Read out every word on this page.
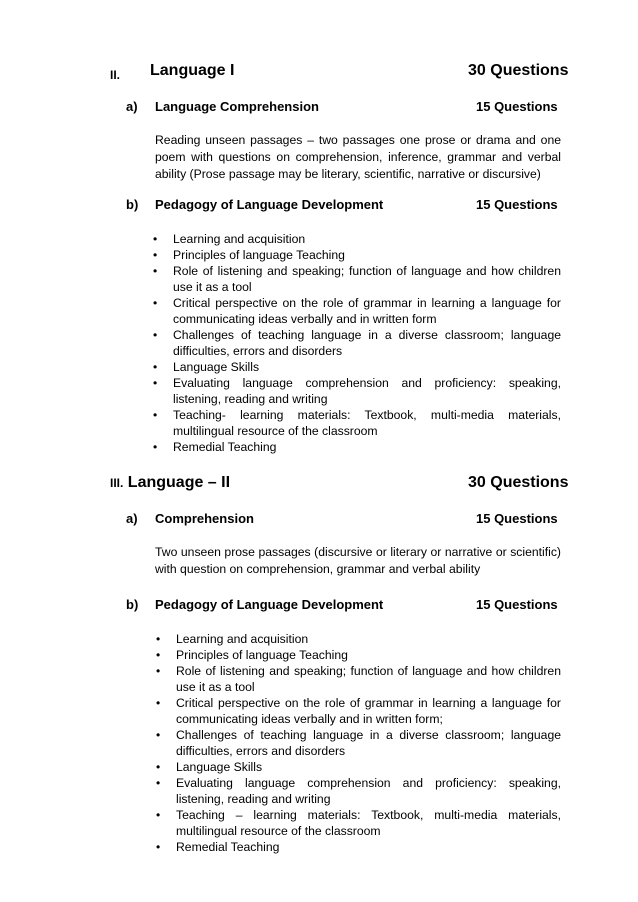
II. Language I	30 Questions
a) Language Comprehension	15 Questions
Reading unseen passages – two passages one prose or drama and one poem with questions on comprehension, inference, grammar and verbal ability (Prose passage may be literary, scientific, narrative or discursive)
b) Pedagogy of Language Development	15 Questions
• Learning and acquisition
• Principles of language Teaching
• Role of listening and speaking; function of language and how children use it as a tool
• Critical perspective on the role of grammar in learning a language for communicating ideas verbally and in written form
• Challenges of teaching language in a diverse classroom; language difficulties, errors and disorders
• Language Skills
• Evaluating language comprehension and proficiency: speaking, listening, reading and writing
• Teaching- learning materials: Textbook, multi-media materials, multilingual resource of the classroom
• Remedial Teaching
III. Language – II	30 Questions
a) Comprehension	15 Questions
Two unseen prose passages (discursive or literary or narrative or scientific) with question on comprehension, grammar and verbal ability
b) Pedagogy of Language Development	15 Questions
• Learning and acquisition
• Principles of language Teaching
• Role of listening and speaking; function of language and how children use it as a tool
• Critical perspective on the role of grammar in learning a language for communicating ideas verbally and in written form;
• Challenges of teaching language in a diverse classroom; language difficulties, errors and disorders
• Language Skills
• Evaluating language comprehension and proficiency: speaking, listening, reading and writing
• Teaching – learning materials: Textbook, multi-media materials, multilingual resource of the classroom
• Remedial Teaching
